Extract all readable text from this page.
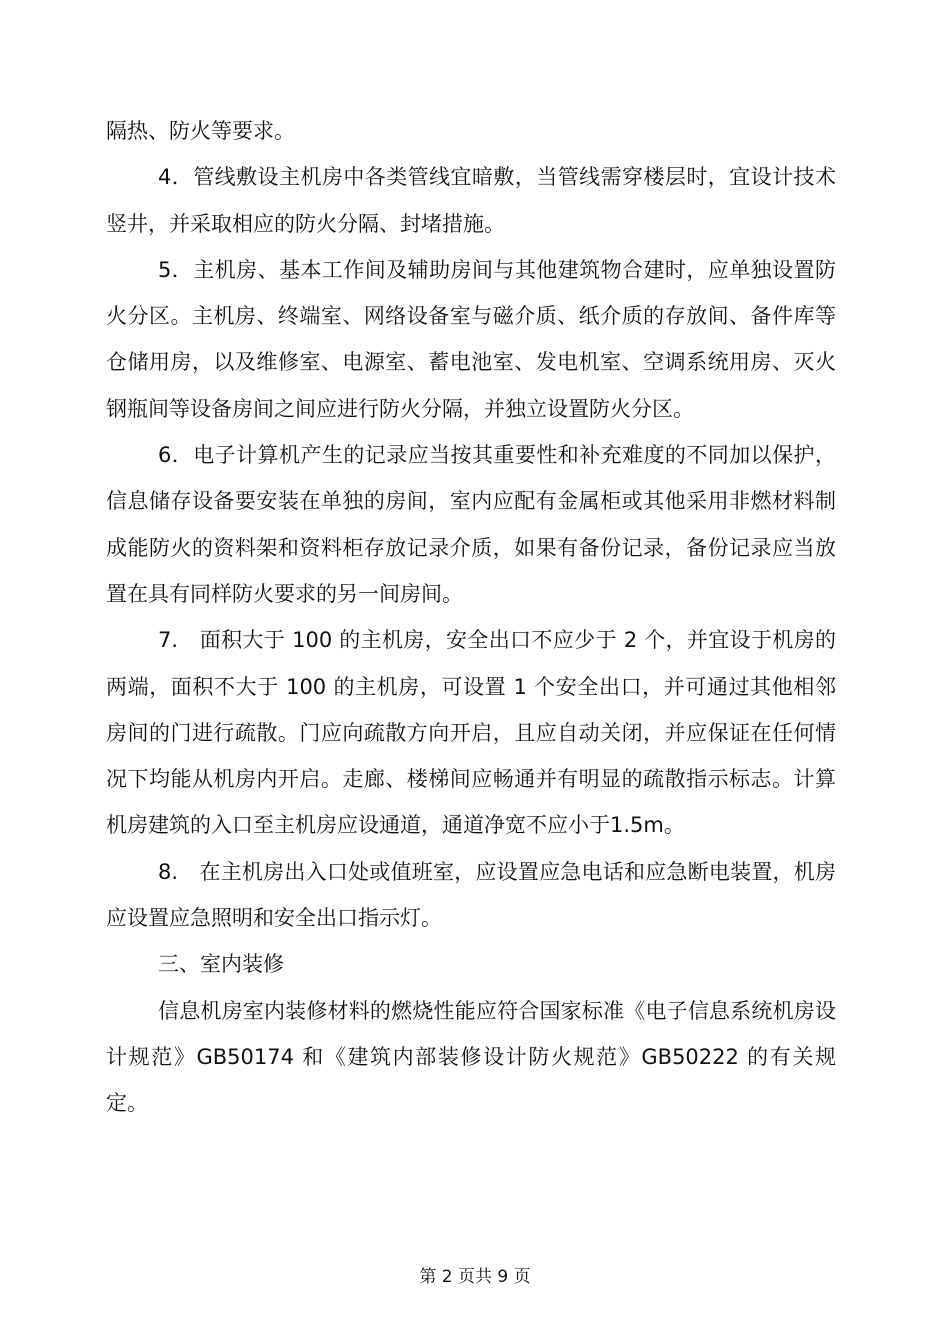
隔热、防火等要求。

4．管线敷设主机房中各类管线宜暗敷，当管线需穿楼层时，宜设计技术竖井，并采取相应的防火分隔、封堵措施。

5．主机房、基本工作间及辅助房间与其他建筑物合建时，应单独设置防火分区。主机房、终端室、网络设备室与磁介质、纸介质的存放间、备件库等仓储用房，以及维修室、电源室、蓄电池室、发电机室、空调系统用房、灭火钢瓶间等设备房间之间应进行防火分隔，并独立设置防火分区。

6．电子计算机产生的记录应当按其重要性和补充难度的不同加以保护，信息储存设备要安装在单独的房间，室内应配有金属柜或其他采用非燃材料制成能防火的资料架和资料柜存放记录介质，如果有备份记录，备份记录应当放置在具有同样防火要求的另一间房间。

7.　面积大于 100 的主机房，安全出口不应少于 2 个，并宜设于机房的两端，面积不大于 100 的主机房，可设置 1 个安全出口，并可通过其他相邻房间的门进行疏散。门应向疏散方向开启，且应自动关闭，并应保证在任何情况下均能从机房内开启。走廊、楼梯间应畅通并有明显的疏散指示标志。计算机房建筑的入口至主机房应设通道，通道净宽不应小于1.5m。

8.　在主机房出入口处或值班室，应设置应急电话和应急断电装置，机房应设置应急照明和安全出口指示灯。

三、室内装修

信息机房室内装修材料的燃烧性能应符合国家标准《电子信息系统机房设计规范》GB50174 和《建筑内部装修设计防火规范》GB50222 的有关规定。

第 2 页共 9 页
